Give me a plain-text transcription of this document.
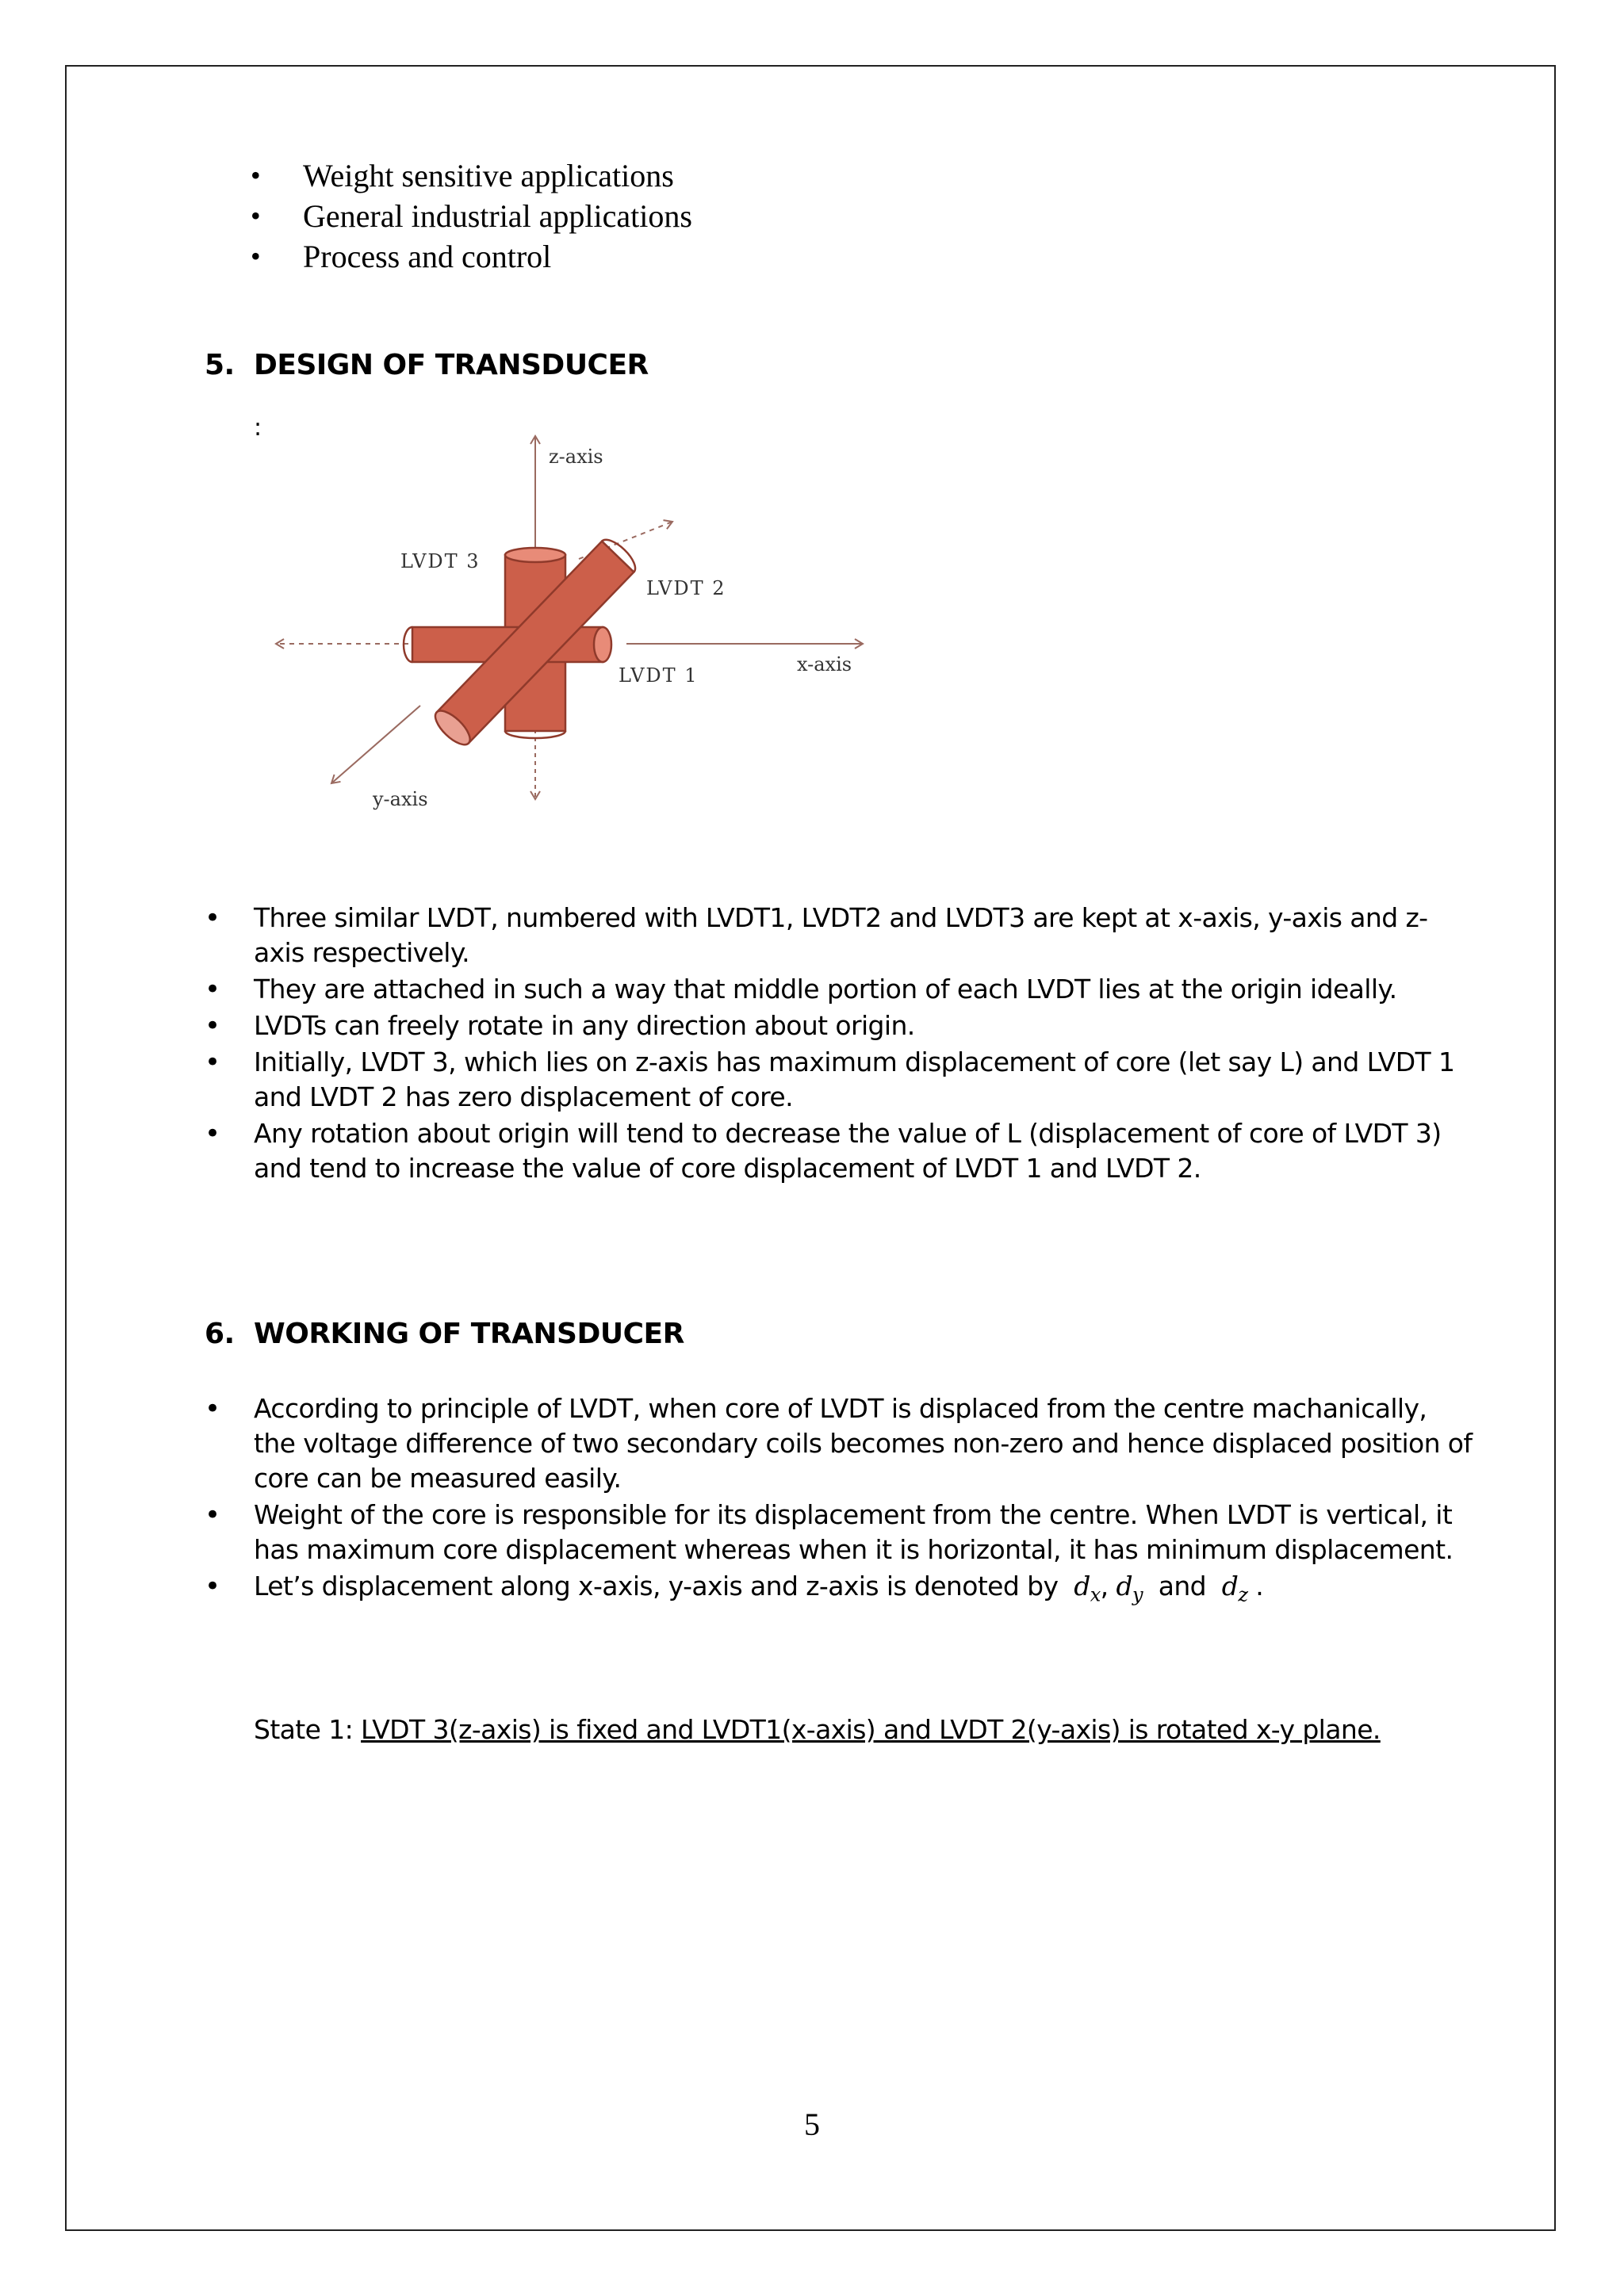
• Weight sensitive applications
• General industrial applications
• Process and control
5. DESIGN OF TRANSDUCER
:
z-axis
x-axis
y-axis
LVDT 3
LVDT 2
LVDT 1
• Three similar LVDT, numbered with LVDT1, LVDT2 and LVDT3 are kept at x-axis, y-axis and z-axis respectively.
• They are attached in such a way that middle portion of each LVDT lies at the origin ideally.
• LVDTs can freely rotate in any direction about origin.
• Initially, LVDT 3, which lies on z-axis has maximum displacement of core (let say L) and LVDT 1 and LVDT 2 has zero displacement of core.
• Any rotation about origin will tend to decrease the value of L (displacement of core of LVDT 3) and tend to increase the value of core displacement of LVDT 1 and LVDT 2.
6. WORKING OF TRANSDUCER
• According to principle of LVDT, when core of LVDT is displaced from the centre machanically, the voltage difference of two secondary coils becomes non-zero and hence displaced position of core can be measured easily.
• Weight of the core is responsible for its displacement from the centre. When LVDT is vertical, it has maximum core displacement whereas when it is horizontal, it has minimum displacement.
• Let’s displacement along x-axis, y-axis and z-axis is denoted by $d_x$, $d_y$ and $d_z$ .
State 1: LVDT 3(z-axis) is fixed and LVDT1(x-axis) and LVDT 2(y-axis) is rotated x-y plane.
5
